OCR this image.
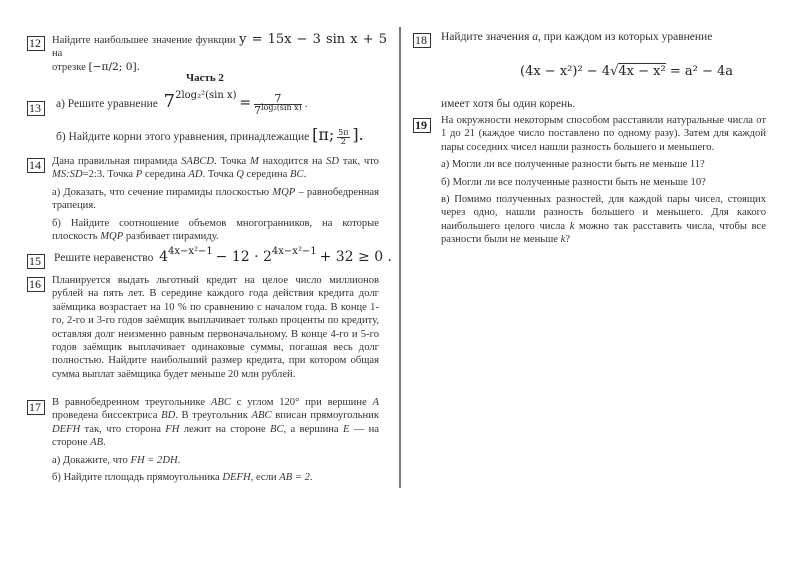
12	Найдите наибольшее значение функции y = 15x − 3 sin x + 5 на
отрезке [−π/2; 0].
Часть 2
13	а) Решите уравнение $7^{2log_2^2(sin x)} = \frac{7}{7^{log_2(sin x)}}$ .
б) Найдите корни этого уравнения, принадлежащие [π; $\frac{5\pi}{2}$ ].
14	Дана правильная пирамида SABCD. Точка M находится на SD так, что MS:SD=2:3. Точка P середина AD. Точка Q середина BC.

а) Доказать, что сечение пирамиды плоскостью MQP – равнобедренная трапеция.

б) Найдите соотношение объемов многогранников, на которые плоскость MQP разбивает пирамиду.

15	Решите неравенство $4^{4x-x^2-1} - 12 \cdot 2^{4x-x^2-1} + 32 \ge 0$ .
16	Планируется выдать льготный кредит на целое число миллионов рублей на пять лет. В середине каждого года действия кредита долг заёмщика возрастает на 10 % по сравнению с началом года. В конце 1-го, 2-го и 3-го годов заёмщик выплачивает только проценты по кредиту, оставляя долг неизменно равным первоначальному. В конце 4-го и 5-го годов заёмщик выплачивает одинаковые суммы, погашая весь долг полностью. Найдите наибольший размер кредита, при котором общая сумма выплат заёмщика будет меньше 20 млн рублей.
17	В равнобедренном треугольнике ABC с углом 120° при вершине A проведена биссектриса BD. В треугольник ABC вписан прямоугольник DEFH так, что сторона FH лежит на стороне BC, а вершина E — на стороне AB.

а) Докажите, что FH = 2DH.

б) Найдите площадь прямоугольника DEFH, если AB = 2.

18	Найдите значения a, при каждом из которых уравнение
(4x − x²)² − 4√4x − x² = a² − 4a
имеет хотя бы один корень.
19	На окружности некоторым способом расставили натуральные числа от 1 до 21 (каждое число поставлено по одному разу). Затем для каждой пары соседних чисел нашли разность большего и меньшего.

а) Могли ли все полученные разности быть не меньше 11?

б) Могли ли все полученные разности быть не меньше 10?

в) Помимо полученных разностей, для каждой пары чисел, стоящих через одно, нашли разность большего и меньшего. Для какого наибольшего целого числа k можно так расставить числа, чтобы все разности были не меньше k?
